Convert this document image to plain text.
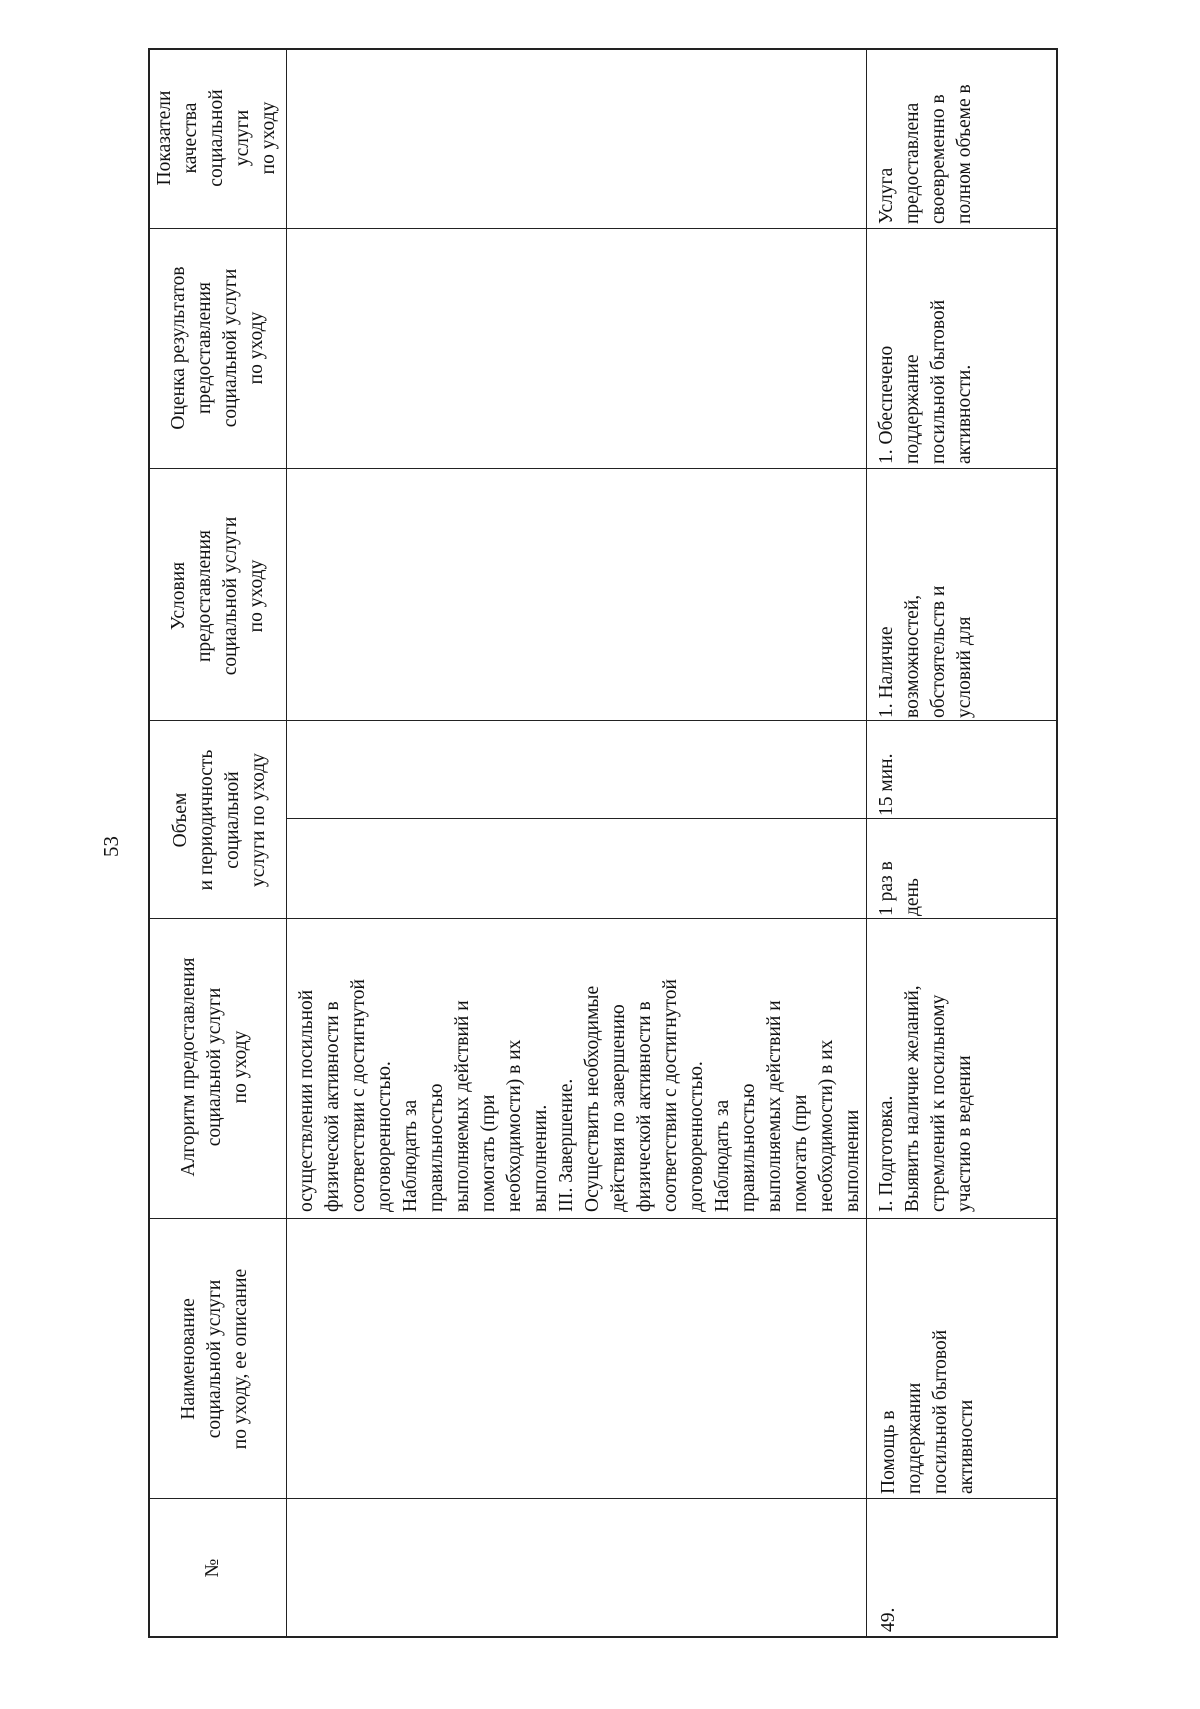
53
№
Наименование
социальной услуги
по уходу, ее описание
Алгоритм предоставления
социальной услуги
по уходу
Объем
и периодичность
социальной
услуги по уходу
Условия
предоставления
социальной услуги
по уходу
Оценка результатов
предоставления
социальной услуги
по уходу
Показатели
качества
социальной
услуги
по уходу
осуществлении посильной
физической активности в
соответствии с достигнутой
договоренностью.
Наблюдать за
правильностью
выполняемых действий и
помогать (при
необходимости) в их
выполнении.
III. Завершение.
Осуществить необходимые
действия по завершению
физической активности в
соответствии с достигнутой
договоренностью.
Наблюдать за
правильностью
выполняемых действий и
помогать (при
необходимости) в их
выполнении
49.
Помощь в
поддержании
посильной бытовой
активности
I. Подготовка.
Выявить наличие желаний,
стремлений к посильному
участию в ведении
1 раз в
день
15 мин.
1. Наличие
возможностей,
обстоятельств и
условий для
1. Обеспечено
поддержание
посильной бытовой
активности.
Услуга
предоставлена
своевременно в
полном объеме в
